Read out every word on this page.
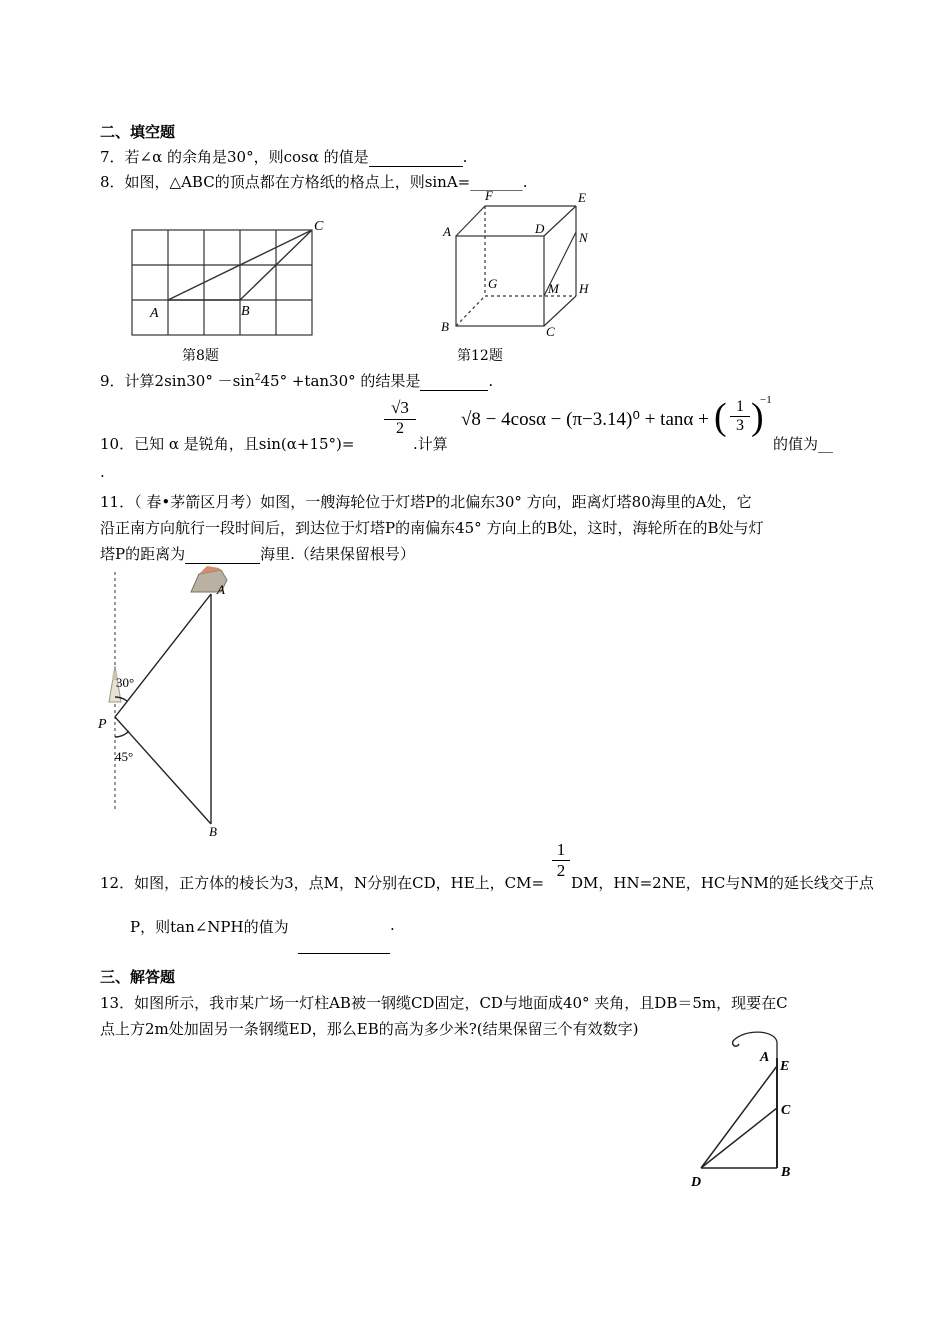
二、填空题
7．若∠α 的余角是30°，则cosα 的值是	.
8．如图，△ABC的顶点都在方格纸的格点上，则sinA=_______.
A	B
C
第8题
A
B	C
D
E
F
G	H
M
N
第12题
9．计算$2\sin 30^\circ -\sin^245^\circ +\tan 30^\circ$ 的结果是	.
10．已知 α 是锐角，且sin(α+15°)=
$\frac{√3}{2}$
.计算
√8 − 4cosα − (π−3.14)⁰ + tanα + ( $\frac{1}{3}$ )
−1
的值为__
.
11．（ 春•茅箭区月考）如图，一艘海轮位于灯塔P的北偏东30° 方向，距离灯塔80海里的A处，它
沿正南方向航行一段时间后，到达位于灯塔P的南偏东45° 方向上的B处，这时，海轮所在的B处与灯
塔P的距离为	海里.（结果保留根号）
A
B
P
30°
45°
$\frac{1}{2}$
12．如图，正方体的棱长为3，点M，N分别在CD，HE上，CM= DM，HN=2NE，HC与NM的延长线交于点
P，则tan∠NPH的值为	.
三、解答题
13．如图所示，我市某广场一灯柱AB被一钢缆CD固定，CD与地面成40° 夹角，且DB＝5m，现要在C
点上方2m处加固另一条钢缆ED，那么EB的高为多少米?(结果保留三个有效数字)
A
E
C
B
D
